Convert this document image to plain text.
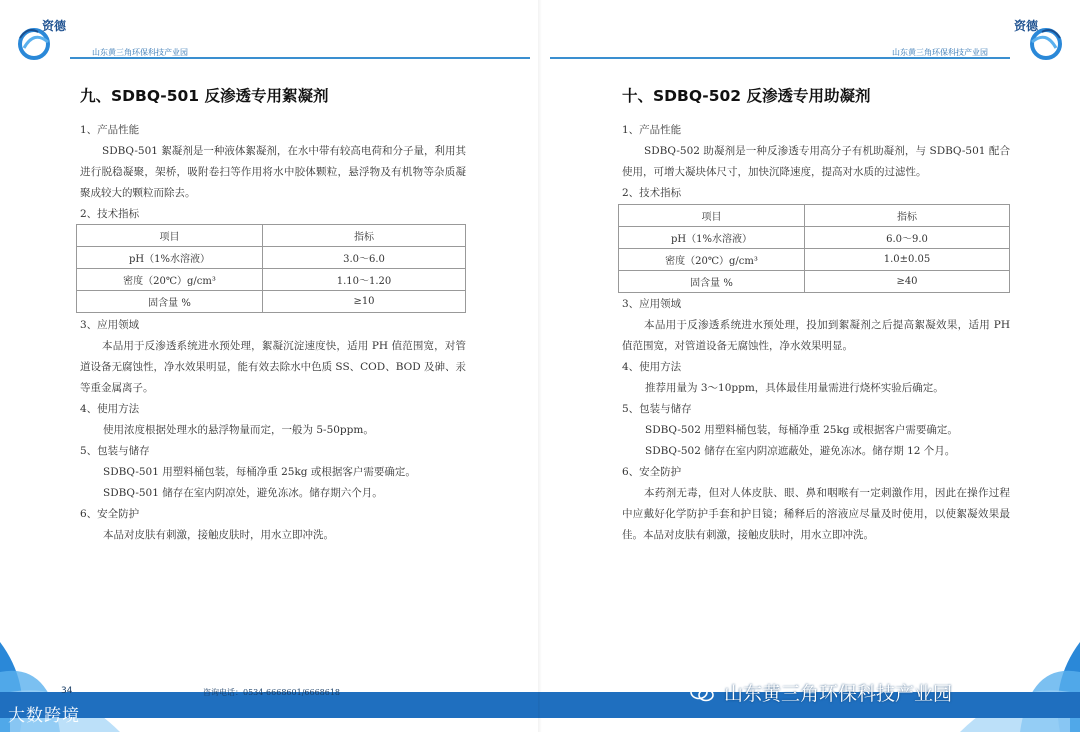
资德
山东黄三角环保科技产业园
九、SDBQ-501 反渗透专用絮凝剂
1、产品性能

SDBQ-501 絮凝剂是一种液体絮凝剂，在水中带有较高电荷和分子量，利用其进行脱稳凝聚，架桥，吸附卷扫等作用将水中胶体颗粒，悬浮物及有机物等杂质凝聚成较大的颗粒而除去。

2、技术指标
项目	指标
pH（1%水溶液）	3.0～6.0
密度（20℃）g/cm³	1.10～1.20
固含量 %	≥10
3、应用领域

本品用于反渗透系统进水预处理，絮凝沉淀速度快，适用 PH 值范围宽，对管道设备无腐蚀性，净水效果明显，能有效去除水中色质 SS、COD、BOD 及砷、汞等重金属离子。

4、使用方法
使用浓度根据处理水的悬浮物量而定，一般为 5-50ppm。
5、包装与储存
SDBQ-501 用塑料桶包装，每桶净重 25kg 或根据客户需要确定。
SDBQ-501 储存在室内阴凉处，避免冻冰。储存期六个月。
6、安全防护
本品对皮肤有刺激，接触皮肤时，用水立即冲洗。
34	咨询电话：0534-6668601/6668618
大数跨境
资德
山东黄三角环保科技产业园
十、SDBQ-502 反渗透专用助凝剂
1、产品性能

SDBQ-502 助凝剂是一种反渗透专用高分子有机助凝剂，与 SDBQ-501 配合使用，可增大凝块体尺寸，加快沉降速度，提高对水质的过滤性。

2、技术指标
项目	指标
pH（1%水溶液）	6.0～9.0
密度（20℃）g/cm³	1.0±0.05
固含量 %	≥40
3、应用领域

本品用于反渗透系统进水预处理，投加到絮凝剂之后提高絮凝效果，适用 PH 值范围宽，对管道设备无腐蚀性，净水效果明显。

4、使用方法
推荐用量为 3～10ppm，具体最佳用量需进行烧杯实验后确定。
5、包装与储存
SDBQ-502 用塑料桶包装，每桶净重 25kg 或根据客户需要确定。
SDBQ-502 储存在室内阴凉遮蔽处，避免冻冰。储存期 12 个月。
6、安全防护

本药剂无毒，但对人体皮肤、眼、鼻和咽喉有一定刺激作用，因此在操作过程中应戴好化学防护手套和护目镜；稀释后的溶液应尽量及时使用，以使絮凝效果最佳。本品对皮肤有刺激，接触皮肤时，用水立即冲洗。

山东黄三角环保科技产业园
